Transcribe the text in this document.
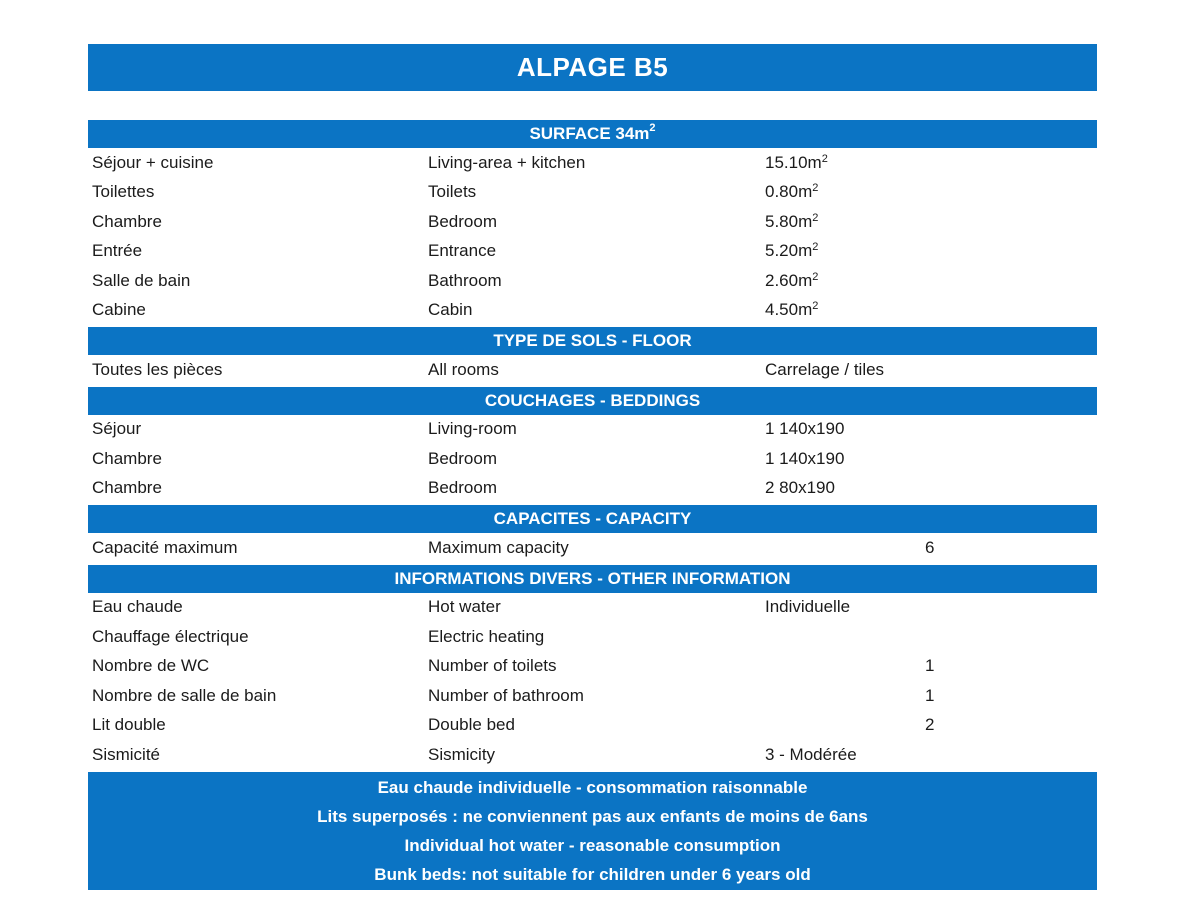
ALPAGE B5
SURFACE 34m 2
Séjour + cuisine	Living-area + kitchen	15.10m2
Toilettes	Toilets	0.80m2
Chambre	Bedroom	5.80m2
Entrée	Entrance	5.20m2
Salle de bain	Bathroom	2.60m2
Cabine	Cabin	4.50m2
TYPE DE SOLS - FLOOR
Toutes les pièces	All rooms	Carrelage / tiles
COUCHAGES - BEDDINGS
Séjour	Living-room	1 140x190
Chambre	Bedroom	1 140x190
Chambre	Bedroom	2 80x190
CAPACITES - CAPACITY
Capacité maximum	Maximum capacity	6
INFORMATIONS DIVERS - OTHER INFORMATION
Eau chaude	Hot water	Individuelle
Chauffage électrique	Electric heating
Nombre de WC	Number of toilets	1
Nombre de salle de bain	Number of bathroom	1
Lit double	Double bed	2
Sismicité	Sismicity	3 - Modérée
Eau chaude individuelle - consommation raisonnable
Lits superposés : ne conviennent pas aux enfants de moins de 6ans
Individual hot water - reasonable consumption
Bunk beds: not suitable for children under 6 years old
